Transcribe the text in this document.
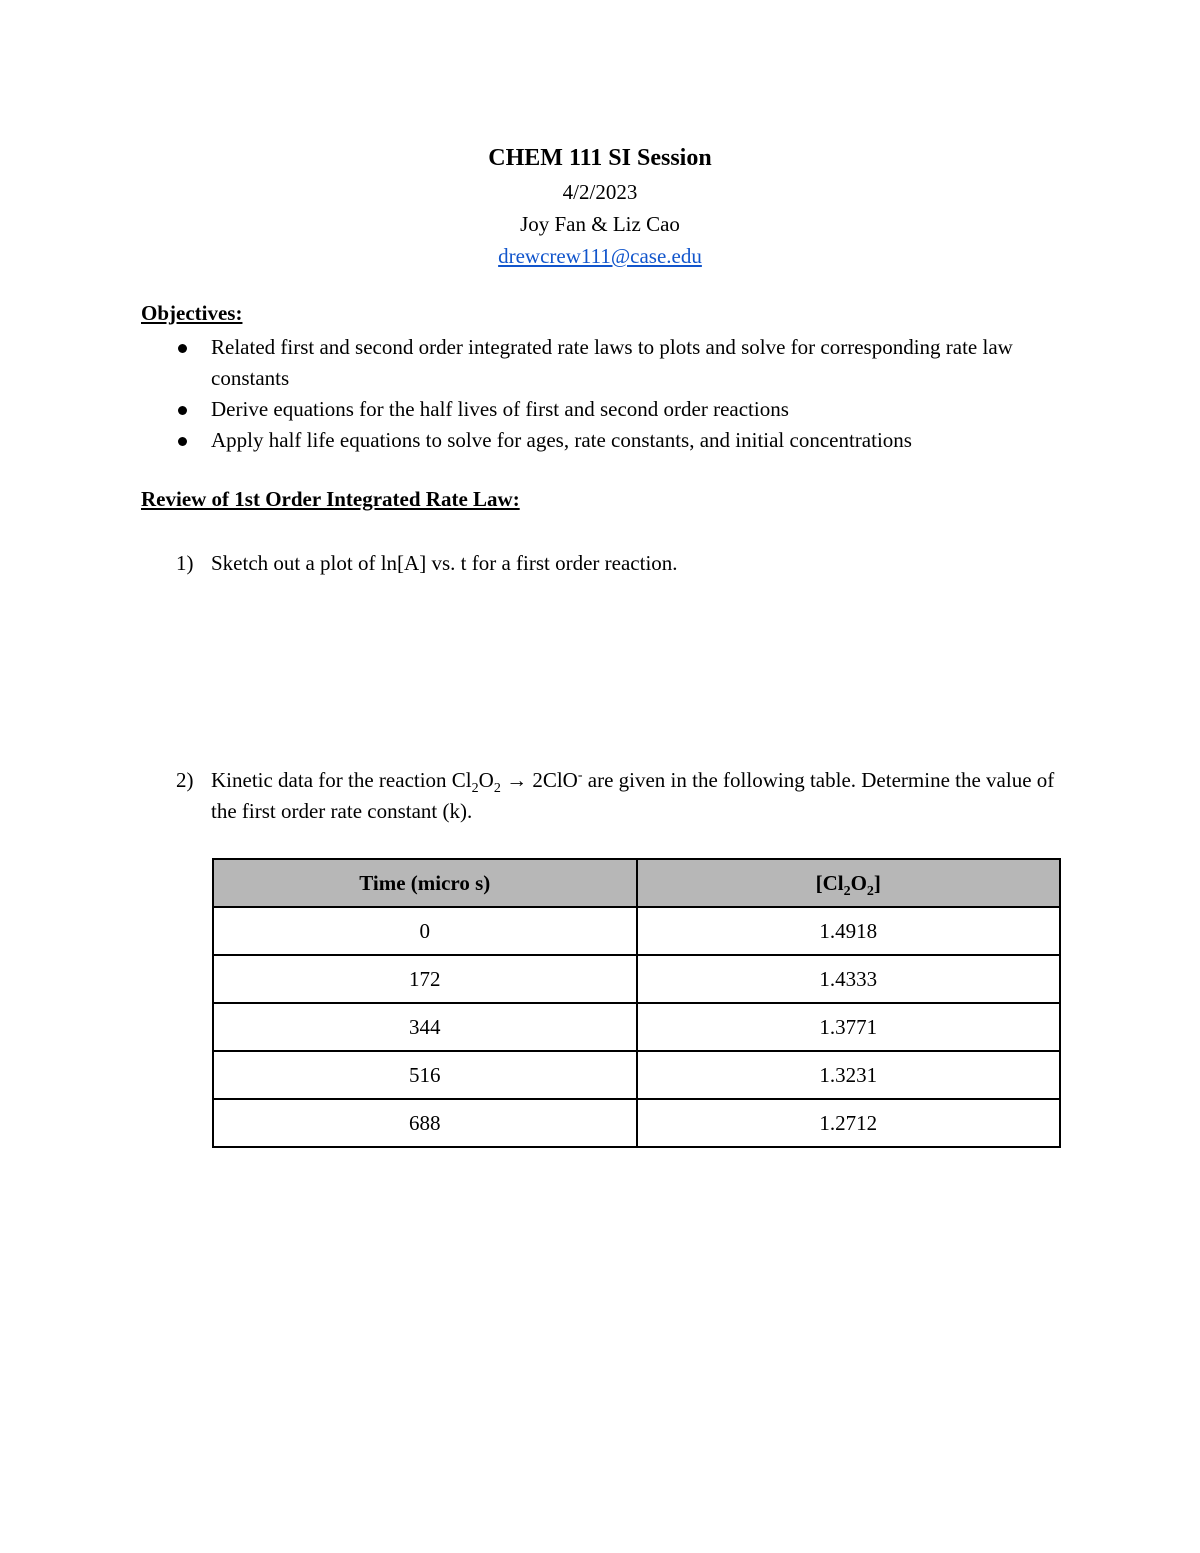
CHEM 111 SI Session
4/2/2023
Joy Fan & Liz Cao
drewcrew111@case.edu
Objectives:
Related first and second order integrated rate laws to plots and solve for corresponding rate law constants
Derive equations for the half lives of first and second order reactions
Apply half life equations to solve for ages, rate constants, and initial concentrations
Review of 1st Order Integrated Rate Law:
1) Sketch out a plot of ln[A] vs. t for a first order reaction.
2) Kinetic data for the reaction $Cl_2O_2 \to 2ClO^-$ are given in the following table. Determine the value of the first order rate constant (k).
Time (micro s)	$[Cl_2O_2]$
0	1.4918
172	1.4333
344	1.3771
516	1.3231
688	1.2712
